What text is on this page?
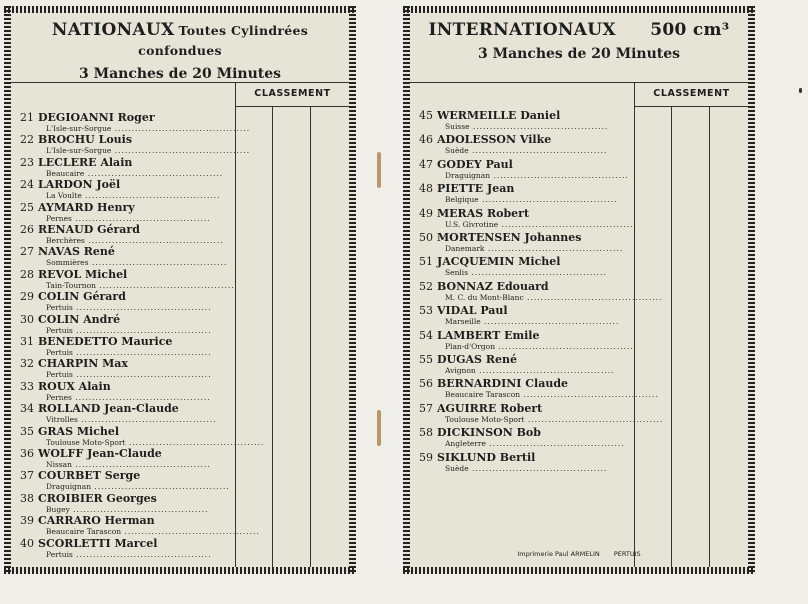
NATIONAUX Toutes Cylindrées confondues
3 Manches de 20 Minutes
CLASSEMENT
21 DEGIOANNI Roger
L'Isle-sur-Sorgue ........................................
22 BROCHU Louis
L'Isle-sur-Sorgue ........................................
23 LECLERE Alain
Beaucaire ........................................
24 LARDON Joël
La Voulte ........................................
25 AYMARD Henry
Pernes ........................................
26 RENAUD Gérard
Berchères ........................................
27 NAVAS René
Sommières ........................................
28 REVOL Michel
Tain-Tournon ........................................
29 COLIN Gérard
Pertuis ........................................
30 COLIN André
Pertuis ........................................
31 BENEDETTO Maurice
Pertuis ........................................
32 CHARPIN Max
Pertuis ........................................
33 ROUX Alain
Pernes ........................................
34 ROLLAND Jean-Claude
Vitrolles ........................................
35 GRAS Michel
Toulouse Moto-Sport ........................................
36 WOLFF Jean-Claude
Nissan ........................................
37 COURBET Serge
Draguignan ........................................
38 CROIBIER Georges
Bugey ........................................
39 CARRARO Herman
Beaucaire Tarascon ........................................
40 SCORLETTI Marcel
Pertuis ........................................
INTERNATIONAUX 500 cm³
3 Manches de 20 Minutes
CLASSEMENT
45 WERMEILLE Daniel
Suisse ........................................
46 ADOLESSON Vilke
Suède ........................................
47 GODEY Paul
Draguignan ........................................
48 PIETTE Jean
Belgique ........................................
49 MERAS Robert
U.S. Givrotine ........................................
50 MORTENSEN Johannes
Danemark ........................................
51 JACQUEMIN Michel
Senlis ........................................
52 BONNAZ Edouard
M. C. du Mont-Blanc ........................................
53 VIDAL Paul
Marseille ........................................
54 LAMBERT Emile
Plan-d'Orgon ........................................
55 DUGAS René
Avignon ........................................
56 BERNARDINI Claude
Beaucaire Tarascon ........................................
57 AGUIRRE Robert
Toulouse Moto-Sport ........................................
58 DICKINSON Bob
Angleterre ........................................
59 SIKLUND Bertil
Suède ........................................
Imprimerie Paul ARMELIN PERTUIS
